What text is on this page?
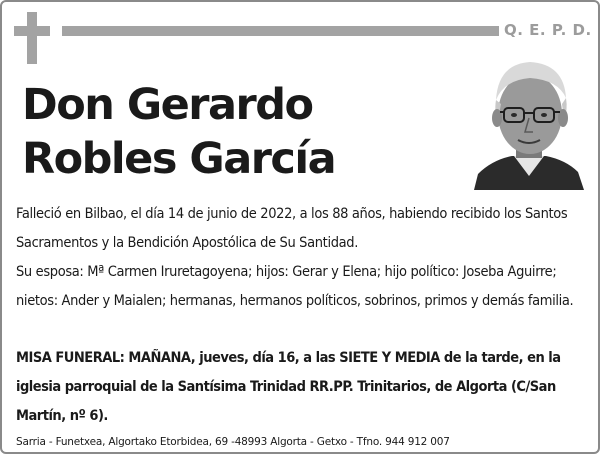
Q. E. P. D.
Don Gerardo
Robles García
Falleció en Bilbao, el día 14 de junio de 2022, a los 88 años, habiendo recibido los Santos Sacramentos y la Bendición Apostólica de Su Santidad.
Su esposa: Mª Carmen Iruretagoyena; hijos: Gerar y Elena; hijo político: Joseba Aguirre; nietos: Ander y Maialen; hermanas, hermanos políticos, sobrinos, primos y demás familia.
MISA FUNERAL: MAÑANA, jueves, día 16, a las SIETE Y MEDIA de la tarde, en la iglesia parroquial de la Santísima Trinidad RR.PP. Trinitarios, de Algorta (C/San Martín, nº 6).
Sarria - Funetxea, Algortako Etorbidea, 69 -48993 Algorta - Getxo - Tfno. 944 912 007
